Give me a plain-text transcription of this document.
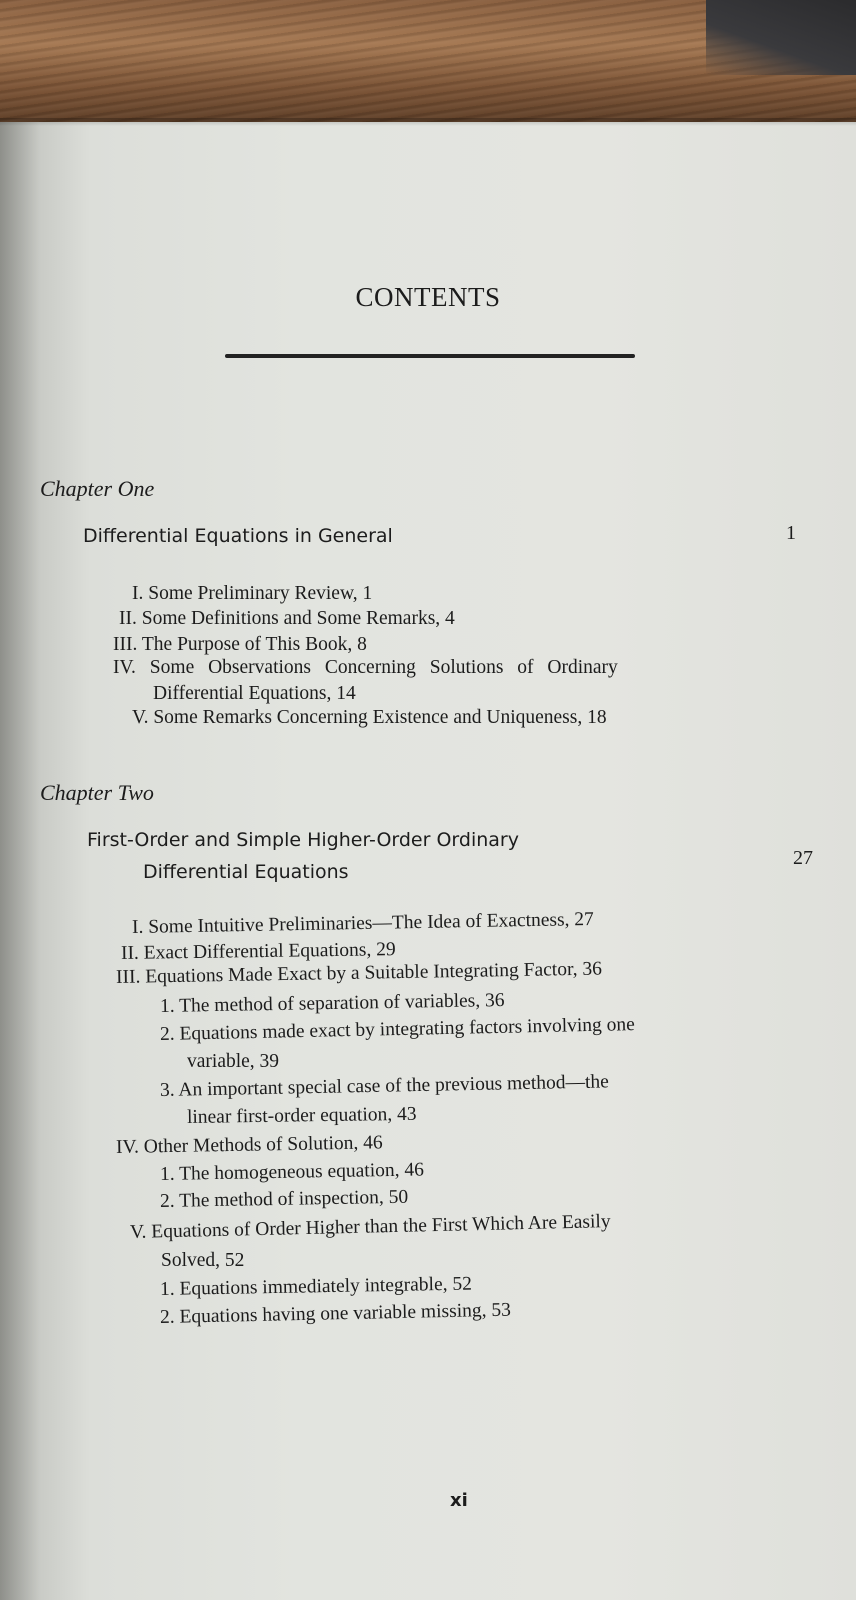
CONTENTS
Chapter One
Differential Equations in General	1
I. Some Preliminary Review, 1
II. Some Definitions and Some Remarks, 4
III. The Purpose of This Book, 8
IV. Some Observations Concerning Solutions of Ordinary
Differential Equations, 14
V. Some Remarks Concerning Existence and Uniqueness, 18
Chapter Two
First-Order and Simple Higher-Order Ordinary
Differential Equations
27
I. Some Intuitive Preliminaries—The Idea of Exactness, 27
II. Exact Differential Equations, 29
III. Equations Made Exact by a Suitable Integrating Factor, 36
1. The method of separation of variables, 36
2. Equations made exact by integrating factors involving one
variable, 39
3. An important special case of the previous method—the
linear first-order equation, 43
IV. Other Methods of Solution, 46
1. The homogeneous equation, 46
2. The method of inspection, 50
V. Equations of Order Higher than the First Which Are Easily
Solved, 52
1. Equations immediately integrable, 52
2. Equations having one variable missing, 53
xi
